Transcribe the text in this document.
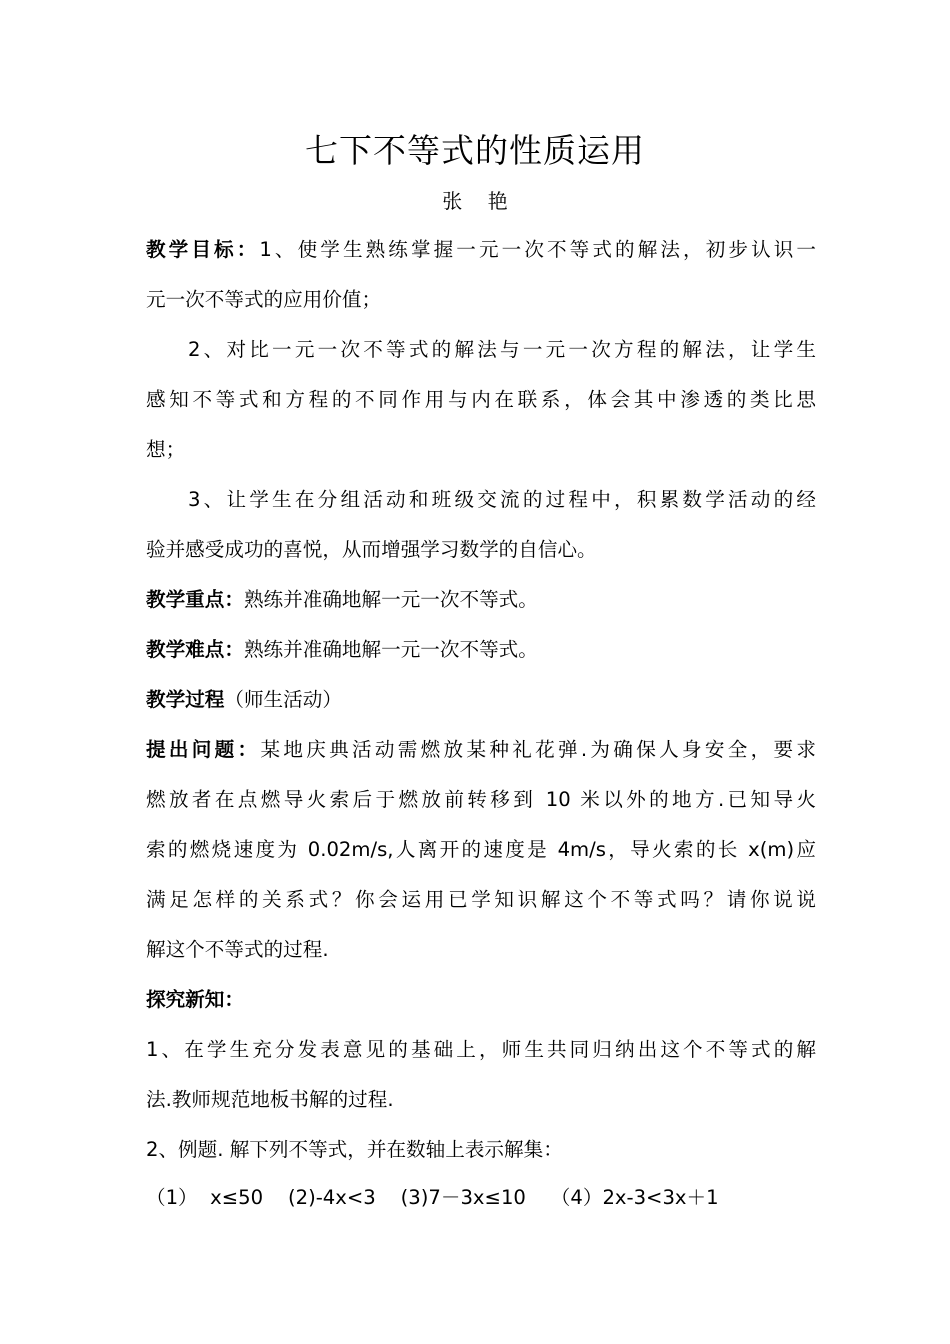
七下不等式的性质运用
张    艳
教学目标：1、使学生熟练掌握一元一次不等式的解法，初步认识一
元一次不等式的应用价值；
2、对比一元一次不等式的解法与一元一次方程的解法，让学生
感知不等式和方程的不同作用与内在联系，体会其中渗透的类比思
想；
3、让学生在分组活动和班级交流的过程中，积累数学活动的经
验并感受成功的喜悦，从而增强学习数学的自信心。
教学重点：熟练并准确地解一元一次不等式。
教学难点：熟练并准确地解一元一次不等式。
教学过程（师生活动）
提出问题：某地庆典活动需燃放某种礼花弹.为确保人身安全，要求
燃放者在点燃导火索后于燃放前转移到 10 米以外的地方.已知导火
索的燃烧速度为 0.02m/s,人离开的速度是 4m/s，导火索的长 x(m)应
满足怎样的关系式？你会运用已学知识解这个不等式吗？请你说说
解这个不等式的过程.
探究新知：
1、在学生充分发表意见的基础上，师生共同归纳出这个不等式的解
法.教师规范地板书解的过程.
2、例题. 解下列不等式，并在数轴上表示解集：
（1）  x≤50    (2)-4x<3    (3)7－3x≤10    （4）2x-3<3x＋1
